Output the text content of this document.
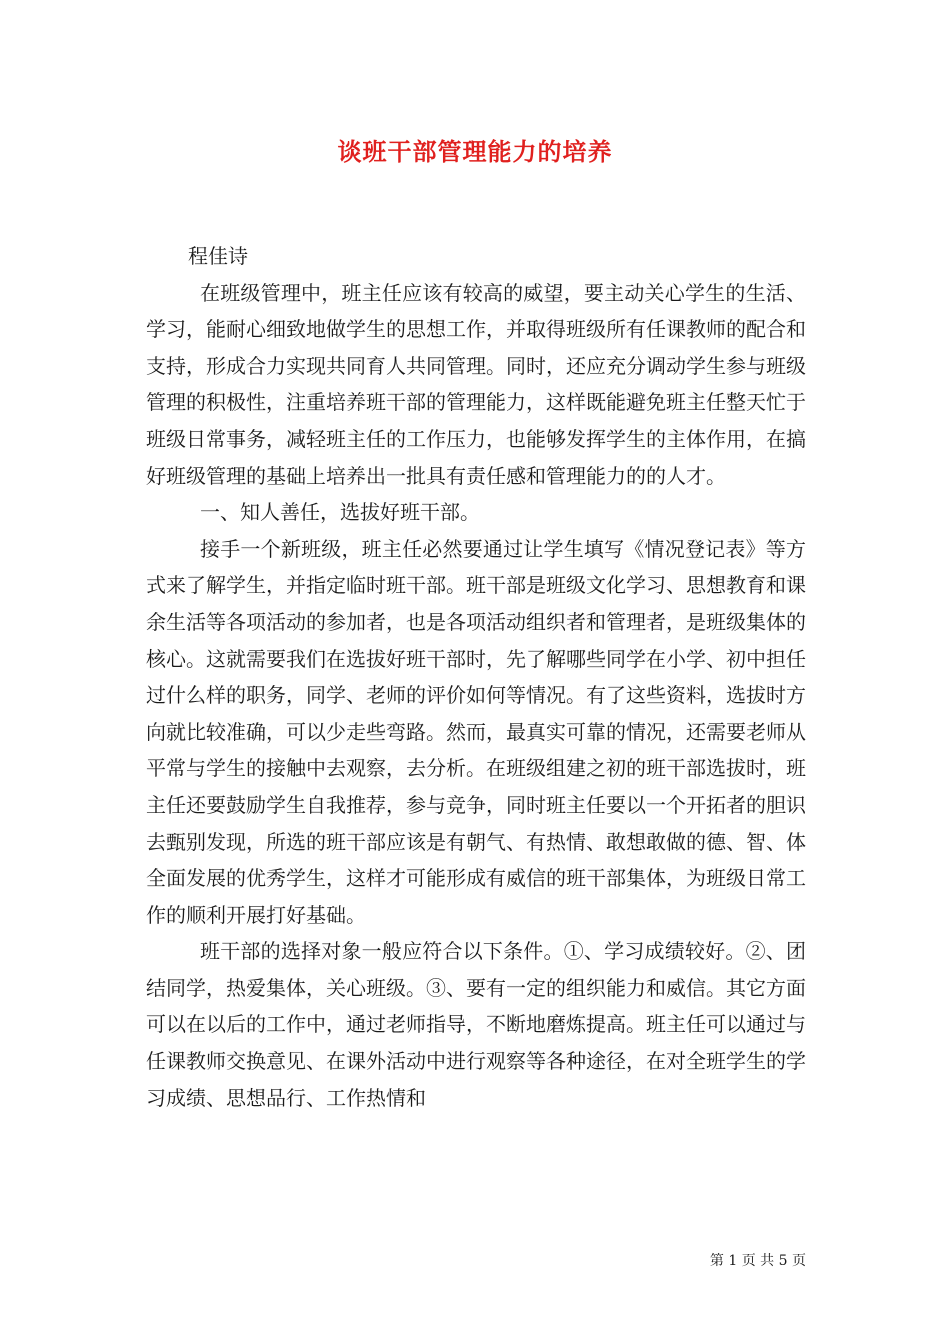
谈班干部管理能力的培养

程佳诗

在班级管理中，班主任应该有较高的威望，要主动关心学生的生活、学习，能耐心细致地做学生的思想工作，并取得班级所有任课教师的配合和支持，形成合力实现共同育人共同管理。同时，还应充分调动学生参与班级管理的积极性，注重培养班干部的管理能力，这样既能避免班主任整天忙于班级日常事务，减轻班主任的工作压力，也能够发挥学生的主体作用，在搞好班级管理的基础上培养出一批具有责任感和管理能力的的人才。

一、知人善任，选拔好班干部。

接手一个新班级，班主任必然要通过让学生填写《情况登记表》等方式来了解学生，并指定临时班干部。班干部是班级文化学习、思想教育和课余生活等各项活动的参加者，也是各项活动组织者和管理者，是班级集体的核心。这就需要我们在选拔好班干部时，先了解哪些同学在小学、初中担任过什么样的职务，同学、老师的评价如何等情况。有了这些资料，选拔时方向就比较准确，可以少走些弯路。然而，最真实可靠的情况，还需要老师从平常与学生的接触中去观察，去分析。在班级组建之初的班干部选拔时，班主任还要鼓励学生自我推荐，参与竞争，同时班主任要以一个开拓者的胆识去甄别发现，所选的班干部应该是有朝气、有热情、敢想敢做的德、智、体全面发展的优秀学生，这样才可能形成有威信的班干部集体，为班级日常工作的顺利开展打好基础。

班干部的选择对象一般应符合以下条件。①、学习成绩较好。②、团结同学，热爱集体，关心班级。③、要有一定的组织能力和威信。其它方面可以在以后的工作中，通过老师指导，不断地磨炼提高。班主任可以通过与任课教师交换意见、在课外活动中进行观察等各种途径，在对全班学生的学习成绩、思想品行、工作热情和

第 1 页 共 5 页
